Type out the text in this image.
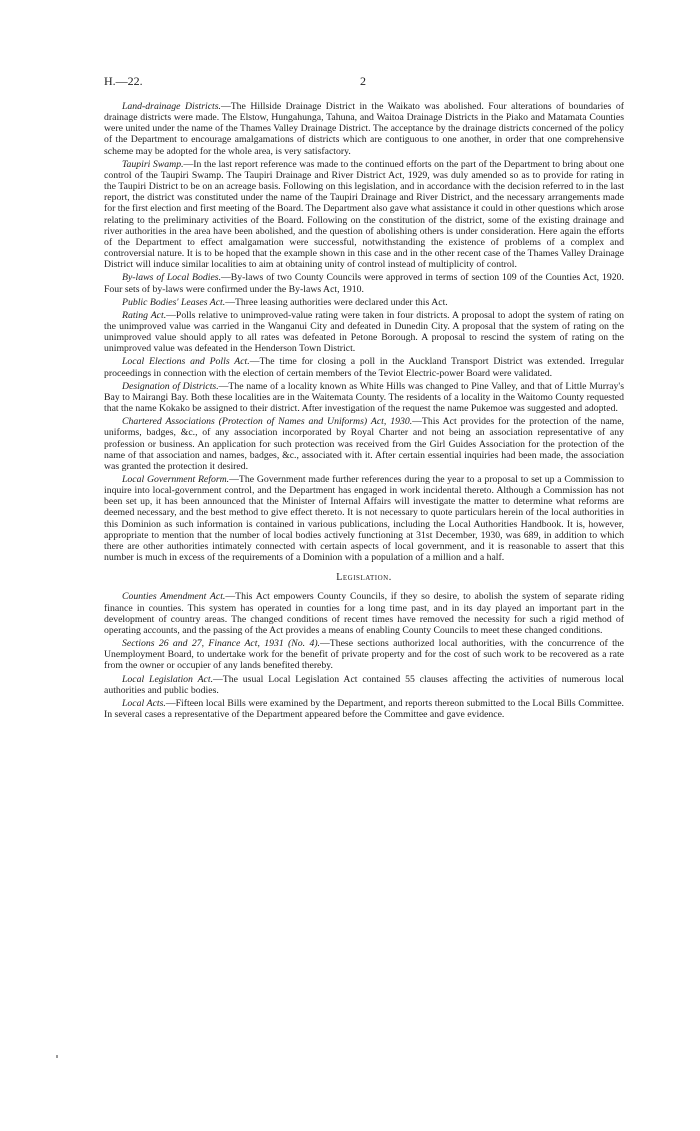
H.—22.	2

Land-drainage Districts.—The Hillside Drainage District in the Waikato was abolished. Four alterations of boundaries of drainage districts were made. The Elstow, Hungahunga, Tahuna, and Waitoa Drainage Districts in the Piako and Matamata Counties were united under the name of the Thames Valley Drainage District. The acceptance by the drainage districts concerned of the policy of the Department to encourage amalgamations of districts which are contiguous to one another, in order that one comprehensive scheme may be adopted for the whole area, is very satisfactory.

Taupiri Swamp.—In the last report reference was made to the continued efforts on the part of the Department to bring about one control of the Taupiri Swamp. The Taupiri Drainage and River District Act, 1929, was duly amended so as to provide for rating in the Taupiri District to be on an acreage basis. Following on this legislation, and in accordance with the decision referred to in the last report, the district was constituted under the name of the Taupiri Drainage and River District, and the necessary arrangements made for the first election and first meeting of the Board. The Department also gave what assistance it could in other questions which arose relating to the preliminary activities of the Board. Following on the constitution of the district, some of the existing drainage and river authorities in the area have been abolished, and the question of abolishing others is under consideration. Here again the efforts of the Department to effect amalgamation were successful, notwithstanding the existence of problems of a complex and controversial nature. It is to be hoped that the example shown in this case and in the other recent case of the Thames Valley Drainage District will induce similar localities to aim at obtaining unity of control instead of multiplicity of control.

By-laws of Local Bodies.—By-laws of two County Councils were approved in terms of section 109 of the Counties Act, 1920. Four sets of by-laws were confirmed under the By-laws Act, 1910.

Public Bodies' Leases Act.—Three leasing authorities were declared under this Act.

Rating Act.—Polls relative to unimproved-value rating were taken in four districts. A proposal to adopt the system of rating on the unimproved value was carried in the Wanganui City and defeated in Dunedin City. A proposal that the system of rating on the unimproved value should apply to all rates was defeated in Petone Borough. A proposal to rescind the system of rating on the unimproved value was defeated in the Henderson Town District.

Local Elections and Polls Act.—The time for closing a poll in the Auckland Transport District was extended. Irregular proceedings in connection with the election of certain members of the Teviot Electric-power Board were validated.

Designation of Districts.—The name of a locality known as White Hills was changed to Pine Valley, and that of Little Murray's Bay to Mairangi Bay. Both these localities are in the Waitemata County. The residents of a locality in the Waitomo County requested that the name Kokako be assigned to their district. After investigation of the request the name Pukemoe was suggested and adopted.

Chartered Associations (Protection of Names and Uniforms) Act, 1930.—This Act provides for the protection of the name, uniforms, badges, &c., of any association incorporated by Royal Charter and not being an association representative of any profession or business. An application for such protection was received from the Girl Guides Association for the protection of the name of that association and names, badges, &c., associated with it. After certain essential inquiries had been made, the association was granted the protection it desired.

Local Government Reform.—The Government made further references during the year to a proposal to set up a Commission to inquire into local-government control, and the Department has engaged in work incidental thereto. Although a Commission has not been set up, it has been announced that the Minister of Internal Affairs will investigate the matter to determine what reforms are deemed necessary, and the best method to give effect thereto. It is not necessary to quote particulars herein of the local authorities in this Dominion as such information is contained in various publications, including the Local Authorities Handbook. It is, however, appropriate to mention that the number of local bodies actively functioning at 31st December, 1930, was 689, in addition to which there are other authorities intimately connected with certain aspects of local government, and it is reasonable to assert that this number is much in excess of the requirements of a Dominion with a population of a million and a half.

Legislation.

Counties Amendment Act.—This Act empowers County Councils, if they so desire, to abolish the system of separate riding finance in counties. This system has operated in counties for a long time past, and in its day played an important part in the development of country areas. The changed conditions of recent times have removed the necessity for such a rigid method of operating accounts, and the passing of the Act provides a means of enabling County Councils to meet these changed conditions.

Sections 26 and 27, Finance Act, 1931 (No. 4).—These sections authorized local authorities, with the concurrence of the Unemployment Board, to undertake work for the benefit of private property and for the cost of such work to be recovered as a rate from the owner or occupier of any lands benefited thereby.

Local Legislation Act.—The usual Local Legislation Act contained 55 clauses affecting the activities of numerous local authorities and public bodies.

Local Acts.—Fifteen local Bills were examined by the Department, and reports thereon submitted to the Local Bills Committee. In several cases a representative of the Department appeared before the Committee and gave evidence.
